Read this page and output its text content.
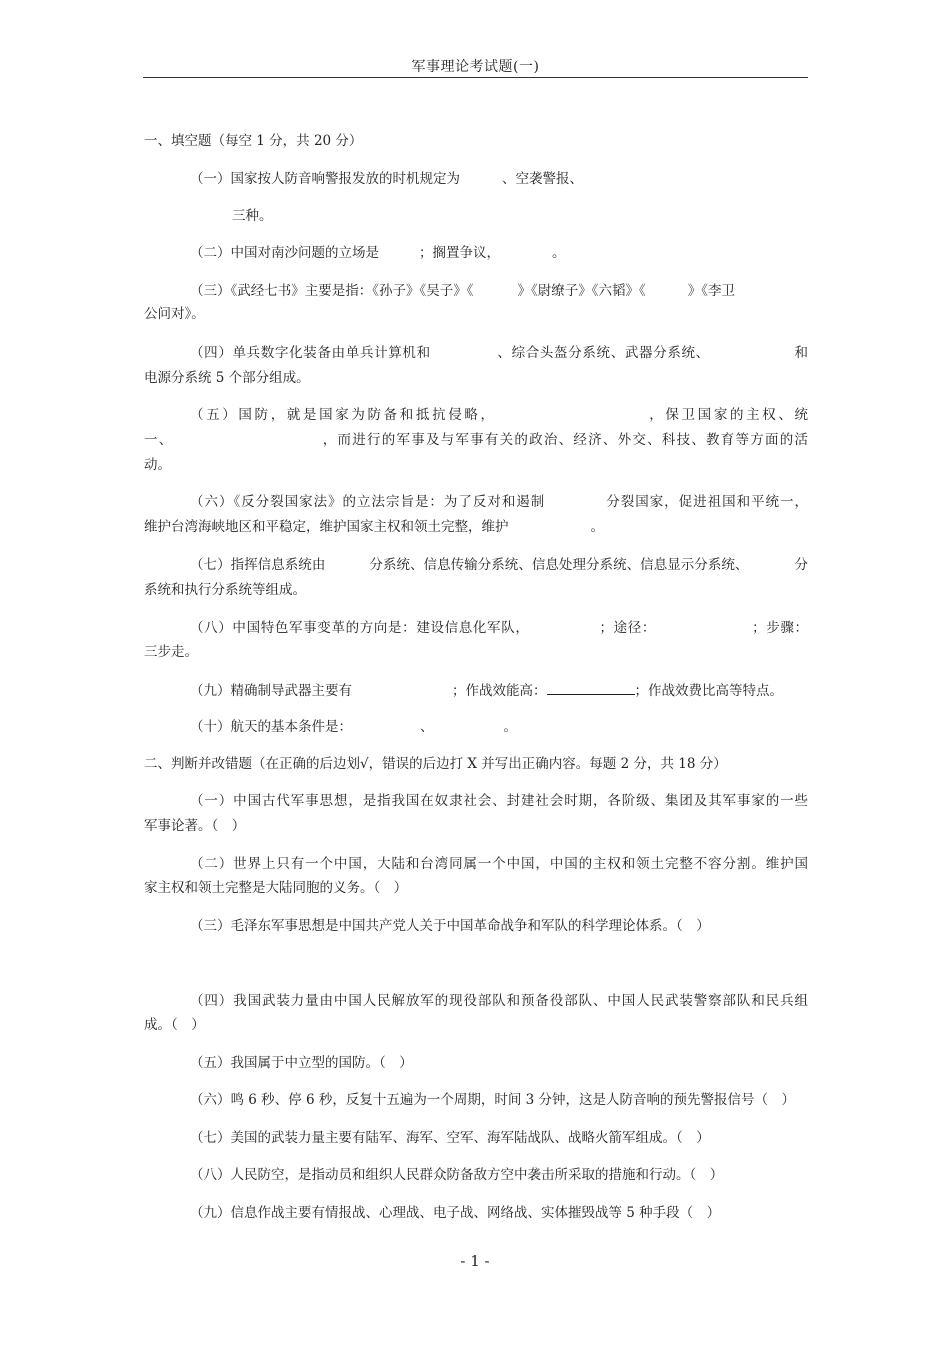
军事理论考试题(一)
一、填空题（每空 1 分，共 20 分）
（一）国家按人防音响警报发放的时机规定为	、空袭警报、
三种。
（二）中国对南沙问题的立场是	；搁置争议，	。
（三）《武经七书》主要是指：《孙子》《吴子》《	》《尉缭子》《六韬》《	》《李卫
公问对》。
（四）单兵数字化装备由单兵计算机和	、综合头盔分系统、武器分系统、	和
电源分系统 5 个部分组成。
（五）国防，就是国家为防备和抵抗侵略，	，保卫国家的主权、统
一、	，而进行的军事及与军事有关的政治、经济、外交、科技、教育等方面的活
动。
（六）《反分裂国家法》的立法宗旨是：为了反对和遏制	分裂国家，促进祖国和平统一，
维护台湾海峡地区和平稳定，维护国家主权和领土完整，维护	。
（七）指挥信息系统由	分系统、信息传输分系统、信息处理分系统、信息显示分系统、	分
系统和执行分系统等组成。
（八）中国特色军事变革的方向是：建设信息化军队，	；途径：	；步骤：
三步走。
（九）精确制导武器主要有	；作战效能高：	；作战效费比高等特点。
（十）航天的基本条件是：	、	。
二、判断并改错题（在正确的后边划√，错误的后边打 X 并写出正确内容。每题 2 分，共 18 分）
（一）中国古代军事思想，是指我国在奴隶社会、封建社会时期，各阶级、集团及其军事家的一些
军事论著。（　）
（二）世界上只有一个中国，大陆和台湾同属一个中国，中国的主权和领土完整不容分割。维护国
家主权和领土完整是大陆同胞的义务。（　）
（三）毛泽东军事思想是中国共产党人关于中国革命战争和军队的科学理论体系。（　）
（四）我国武装力量由中国人民解放军的现役部队和预备役部队、中国人民武装警察部队和民兵组
成。（　）
（五）我国属于中立型的国防。（　）
（六）鸣 6 秒、停 6 秒，反复十五遍为一个周期，时间 3 分钟，这是人防音响的预先警报信号（　）
（七）美国的武装力量主要有陆军、海军、空军、海军陆战队、战略火箭军组成。（　）
（八）人民防空，是指动员和组织人民群众防备敌方空中袭击所采取的措施和行动。（　）
（九）信息作战主要有情报战、心理战、电子战、网络战、实体摧毁战等 5 种手段（　）
- 1 -
